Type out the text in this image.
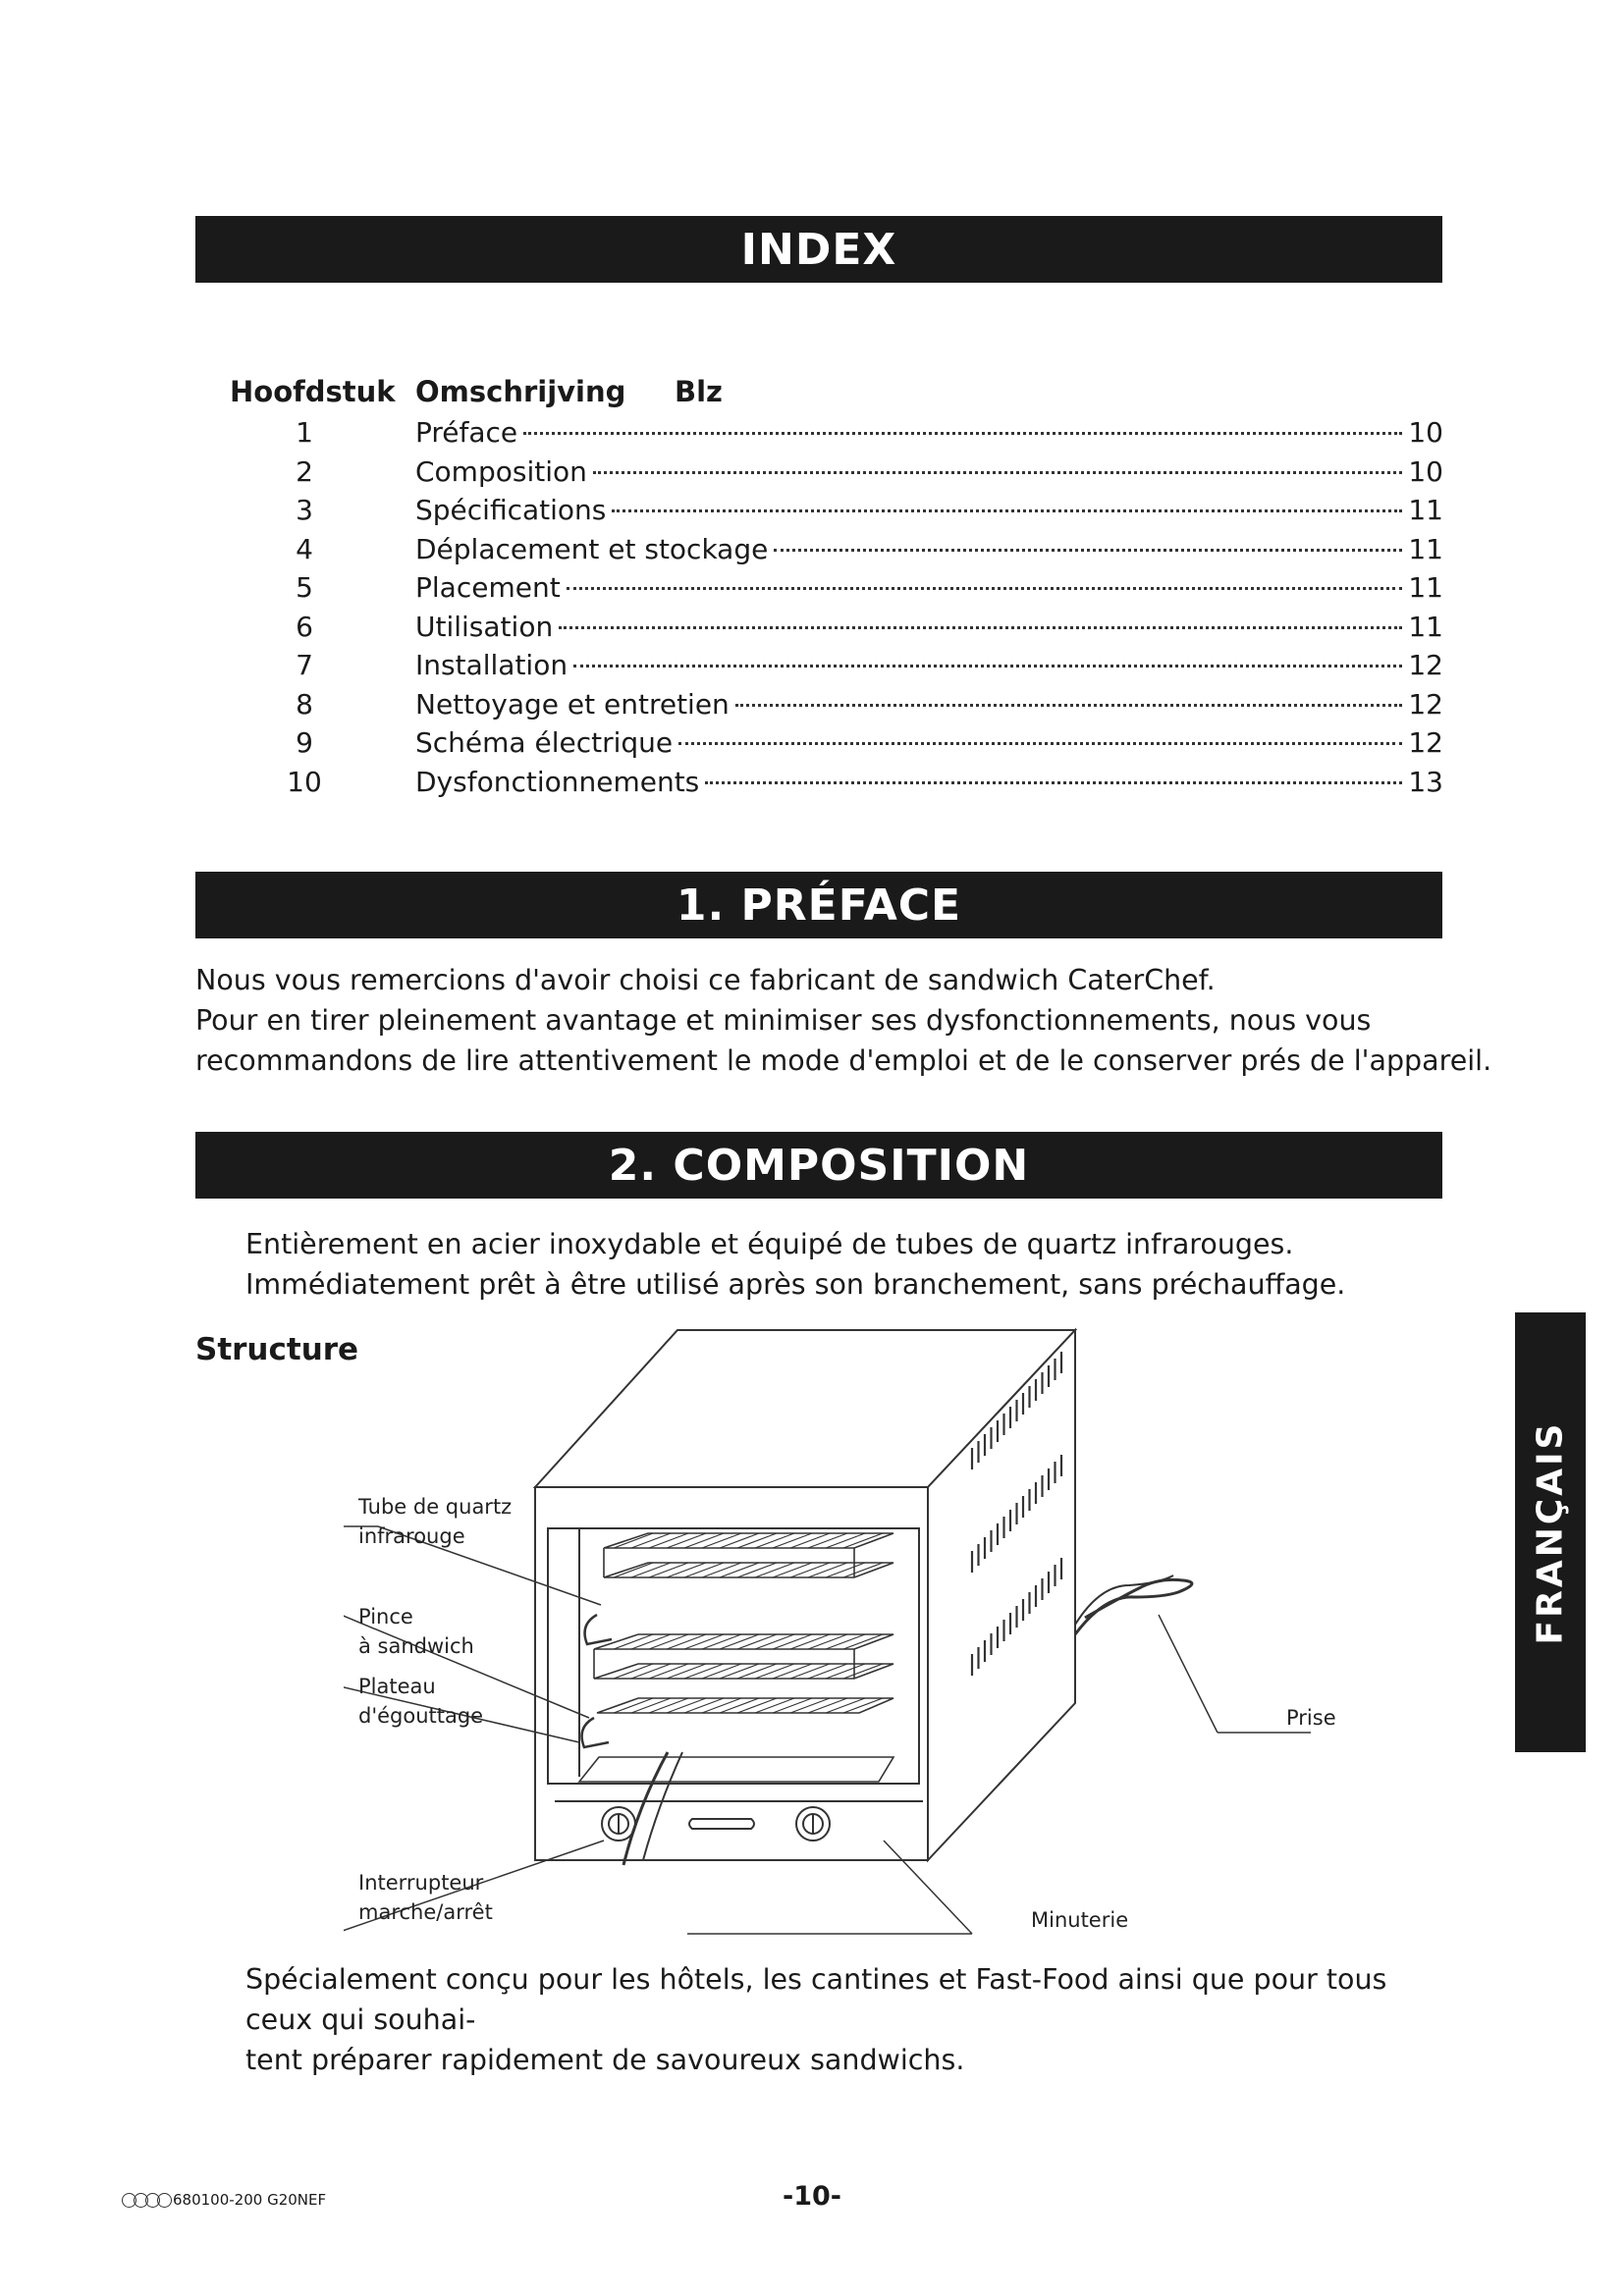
INDEX
Hoofdstuk Omschrijving Blz
1	Préface	10
2	Composition	10
3	Spécifications	11
4	Déplacement et stockage	11
5	Placement	11
6	Utilisation	11
7	Installation	12
8	Nettoyage et entretien	12
9	Schéma électrique	12
10	Dysfonctionnements	13
1. PRÉFACE

Nous vous remercions d'avoir choisi ce fabricant de sandwich CaterChef.

Pour en tirer pleinement avantage et minimiser ses dysfonctionnements, nous vous

recommandons de lire attentivement le mode d'emploi et de le conserver prés de l'appareil.

2. COMPOSITION

Entièrement en acier inoxydable et équipé de tubes de quartz infrarouges.

Immédiatement prêt à être utilisé après son branchement, sans préchauffage.

Structure
Tube de quartz
infrarouge
Pince
à sandwich
Plateau
d'égouttage
Interrupteur
marche/arrêt
Prise
Minuterie

Spécialement conçu pour les hôtels, les cantines et Fast-Food ainsi que pour tous ceux qui souhai-

tent préparer rapidement de savoureux sandwichs.

FRANÇAIS
680100-200 G20NEF	-10-
